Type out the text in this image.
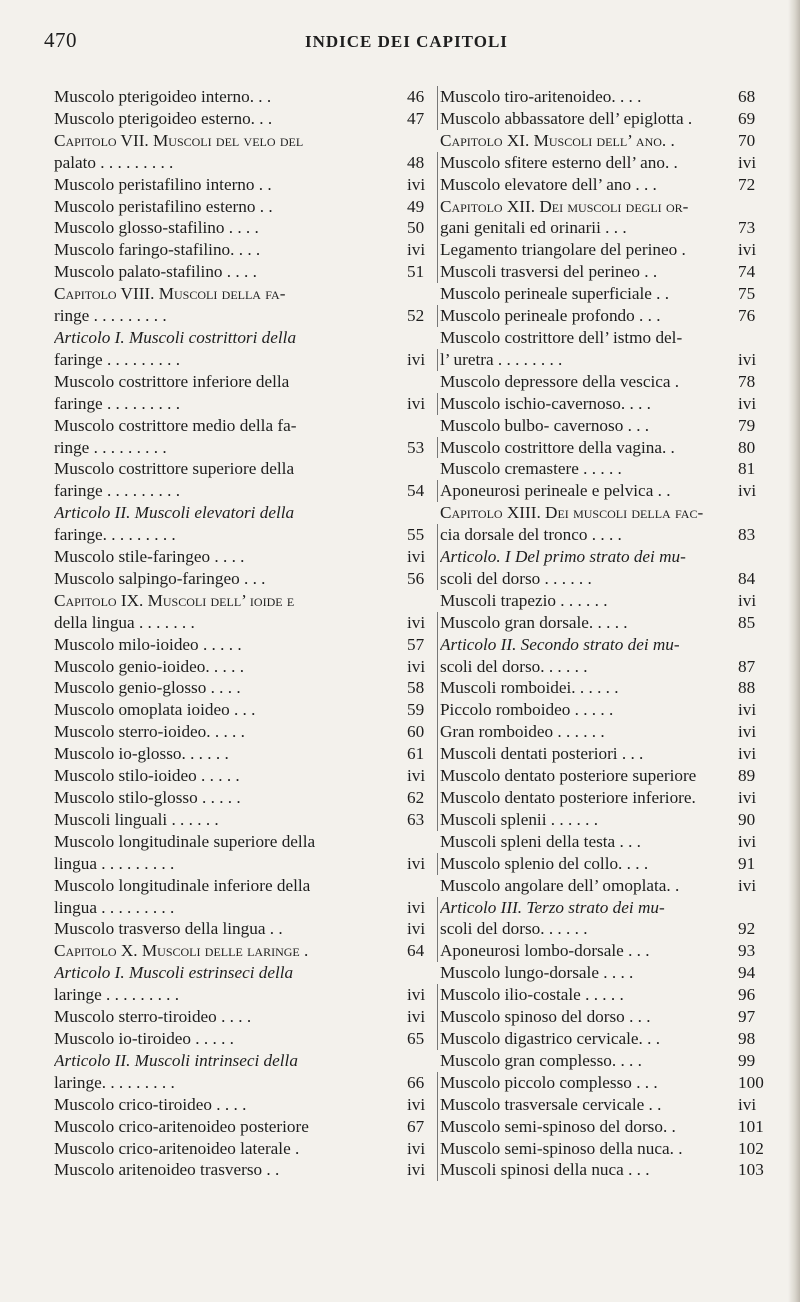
470	INDICE DEI CAPITOLI
Muscolo pterigoideo interno. . .	46
Muscolo pterigoideo esterno. . .	47
Capitolo VII. Muscoli del velo del
palato . . . . . . . . .	48
Muscolo peristafilino interno . .	ivi
Muscolo peristafilino esterno . .	49
Muscolo glosso-stafilino . . . .	50
Muscolo faringo-stafilino. . . .	ivi
Muscolo palato-stafilino . . . .	51
Capitolo VIII. Muscoli della fa-
ringe . . . . . . . . .	52
Articolo I. Muscoli costrittori della
faringe . . . . . . . . .	ivi
Muscolo costrittore inferiore della
faringe . . . . . . . . .	ivi
Muscolo costrittore medio della fa-
ringe . . . . . . . . .	53
Muscolo costrittore superiore della
faringe . . . . . . . . .	54
Articolo II. Muscoli elevatori della
faringe. . . . . . . . .	55
Muscolo stile-faringeo . . . .	ivi
Muscolo salpingo-faringeo . . .	56
Capitolo IX. Muscoli dell’ ioide e
della lingua . . . . . . .	ivi
Muscolo milo-ioideo . . . . .	57
Muscolo genio-ioideo. . . . .	ivi
Muscolo genio-glosso . . . .	58
Muscolo omoplata ioideo . . .	59
Muscolo sterro-ioideo. . . . .	60
Muscolo io-glosso. . . . . .	61
Muscolo stilo-ioideo . . . . .	ivi
Muscolo stilo-glosso . . . . .	62
Muscoli linguali . . . . . .	63
Muscolo longitudinale superiore della
lingua . . . . . . . . .	ivi
Muscolo longitudinale inferiore della
lingua . . . . . . . . .	ivi
Muscolo trasverso della lingua . .	ivi
Capitolo X. Muscoli delle laringe .	64
Articolo I. Muscoli estrinseci della
laringe . . . . . . . . .	ivi
Muscolo sterro-tiroideo . . . .	ivi
Muscolo io-tiroideo . . . . .	65
Articolo II. Muscoli intrinseci della
laringe. . . . . . . . .	66
Muscolo crico-tiroideo . . . .	ivi
Muscolo crico-aritenoideo posteriore	67
Muscolo crico-aritenoideo laterale .	ivi
Muscolo aritenoideo trasverso . .	ivi
Muscolo tiro-aritenoideo. . . .	68
Muscolo abbassatore dell’ epiglotta .	69
Capitolo XI. Muscoli dell’ ano. .	70
Muscolo sfitere esterno dell’ ano. .	ivi
Muscolo elevatore dell’ ano . . .	72
Capitolo XII. Dei muscoli degli or-
gani genitali ed orinarii . . .	73
Legamento triangolare del perineo .	ivi
Muscoli trasversi del perineo . .	74
Muscolo perineale superficiale . .	75
Muscolo perineale profondo . . .	76
Muscolo costrittore dell’ istmo del-
l’ uretra . . . . . . . .	ivi
Muscolo depressore della vescica .	78
Muscolo ischio-cavernoso. . . .	ivi
Muscolo bulbo- cavernoso . . .	79
Muscolo costrittore della vagina. .	80
Muscolo cremastere . . . . .	81
Aponeurosi perineale e pelvica . .	ivi
Capitolo XIII. Dei muscoli della fac-
cia dorsale del tronco . . . .	83
Articolo. I Del primo strato dei mu-
scoli del dorso . . . . . .	84
Muscoli trapezio . . . . . .	ivi
Muscolo gran dorsale. . . . .	85
Articolo II. Secondo strato dei mu-
scoli del dorso. . . . . .	87
Muscoli romboidei. . . . . .	88
Piccolo romboideo . . . . .	ivi
Gran romboideo . . . . . .	ivi
Muscoli dentati posteriori . . .	ivi
Muscolo dentato posteriore superiore	89
Muscolo dentato posteriore inferiore.	ivi
Muscoli splenii . . . . . .	90
Muscoli spleni della testa . . .	ivi
Muscolo splenio del collo. . . .	91
Muscolo angolare dell’ omoplata. .	ivi
Articolo III. Terzo strato dei mu-
scoli del dorso. . . . . .	92
Aponeurosi lombo-dorsale . . .	93
Muscolo lungo-dorsale . . . .	94
Muscolo ilio-costale . . . . .	96
Muscolo spinoso del dorso . . .	97
Muscolo digastrico cervicale. . .	98
Muscolo gran complesso. . . .	99
Muscolo piccolo complesso . . .	100
Muscolo trasversale cervicale . .	ivi
Muscolo semi-spinoso del dorso. .	101
Muscolo semi-spinoso della nuca. .	102
Muscoli spinosi della nuca . . .	103
